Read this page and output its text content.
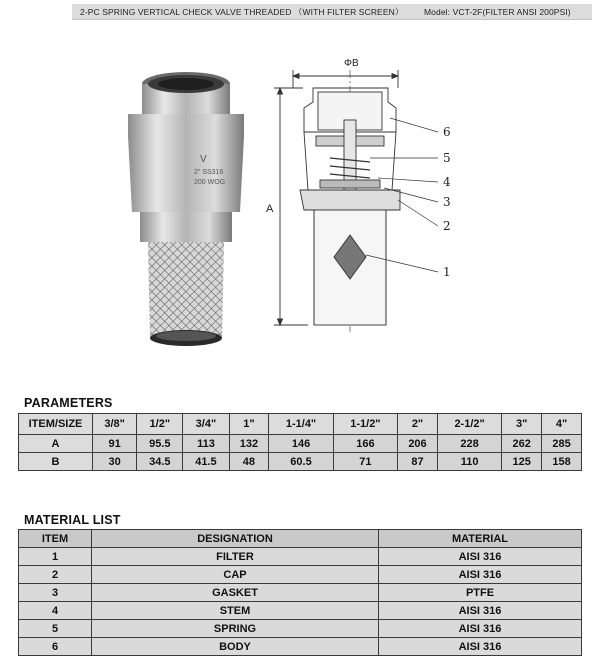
2-PC SPRING VERTICAL CHECK VALVE THREADED （WITH FILTER SCREEN） Model: VCT-2F(FILTER ANSI 200PSI)
V
2" SS316
200 WOG
ΦB
A
6
5
4
3
2
1
PARAMETERS
ITEM/SIZE	3/8"	1/2"	3/4"	1"	1-1/4"	1-1/2"	2"	2-1/2"	3"	4"
A	91	95.5	113	132	146	166	206	228	262	285
B	30	34.5	41.5	48	60.5	71	87	110	125	158
MATERIAL LIST
ITEM	DESIGNATION	MATERIAL
1	FILTER	AISI 316
2	CAP	AISI 316
3	GASKET	PTFE
4	STEM	AISI 316
5	SPRING	AISI 316
6	BODY	AISI 316
